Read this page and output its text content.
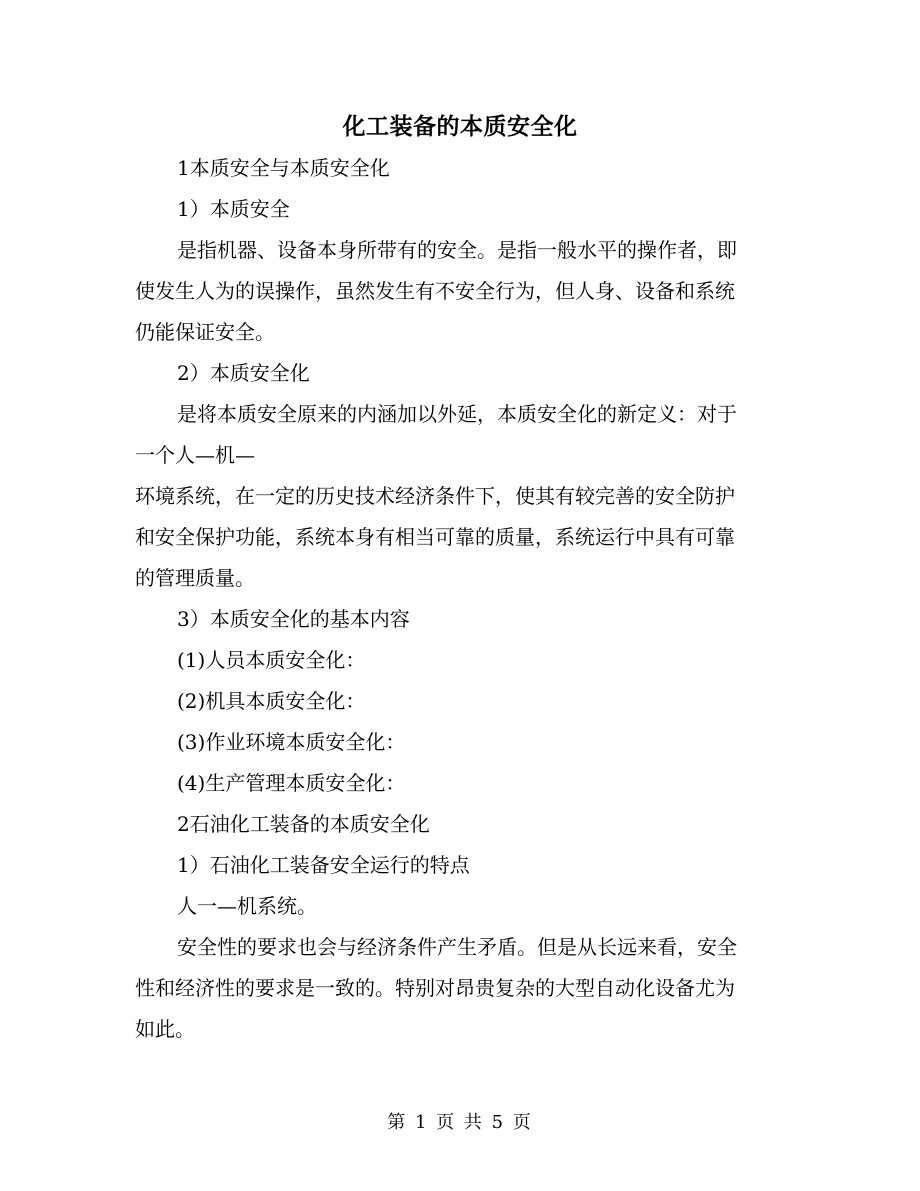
化工装备的本质安全化
1本质安全与本质安全化
1）本质安全
是指机器、设备本身所带有的安全。是指一般水平的操作者，即
使发生人为的误操作，虽然发生有不安全行为，但人身、设备和系统
仍能保证安全。
2）本质安全化
是将本质安全原来的内涵加以外延，本质安全化的新定义：对于
一个人—机—
环境系统，在一定的历史技术经济条件下，使其有较完善的安全防护
和安全保护功能，系统本身有相当可靠的质量，系统运行中具有可靠
的管理质量。
3）本质安全化的基本内容
(1)人员本质安全化：
(2)机具本质安全化：
(3)作业环境本质安全化：
(4)生产管理本质安全化：
2石油化工装备的本质安全化
1）石油化工装备安全运行的特点
人一—机系统。
安全性的要求也会与经济条件产生矛盾。但是从长远来看，安全
性和经济性的要求是一致的。特别对昂贵复杂的大型自动化设备尤为
如此。
第 1 页 共 5 页
